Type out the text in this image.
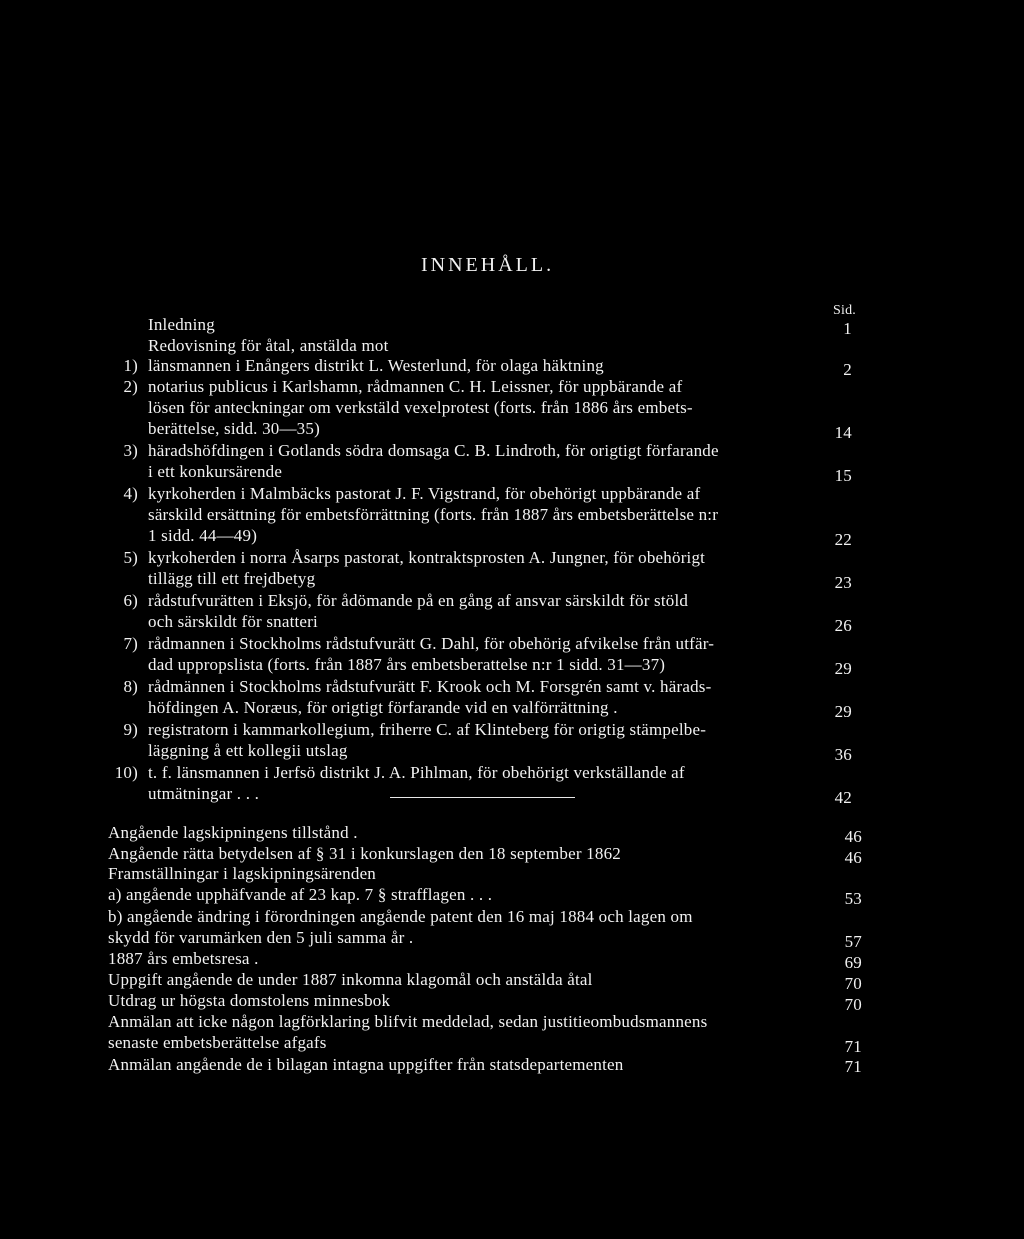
INNEHÅLL.
Sid.
Inledning	1
Redovisning för åtal, anstälda mot
1) länsmannen i Enångers distrikt L. Westerlund, för olaga häktning	2
2) notarius publicus i Karlshamn, rådmannen C. H. Leissner, för uppbärande af
lösen för anteckningar om verkstäld vexelprotest (forts. från 1886 års embets-
berättelse, sidd. 30—35)	14
3) häradshöfdingen i Gotlands södra domsaga C. B. Lindroth, för origtigt förfarande
i ett konkursärende	15
4) kyrkoherden i Malmbäcks pastorat J. F. Vigstrand, för obehörigt uppbärande af
särskild ersättning för embetsförrättning (forts. från 1887 års embetsberättelse n:r
1 sidd. 44—49)	22
5) kyrkoherden i norra Åsarps pastorat, kontraktsprosten A. Jungner, för obehörigt
tillägg till ett frejdbetyg	23
6) rådstufvurätten i Eksjö, för ådömande på en gång af ansvar särskildt för stöld
och särskildt för snatteri	26
7) rådmannen i Stockholms rådstufvurätt G. Dahl, för obehörig afvikelse från utfär-
dad uppropslista (forts. från 1887 års embetsberattelse n:r 1 sidd. 31—37)	29
8) rådmännen i Stockholms rådstufvurätt F. Krook och M. Forsgrén samt v. härads-
höfdingen A. Noræus, för origtigt förfarande vid en valförrättning .	29
9) registratorn i kammarkollegium, friherre C. af Klinteberg för origtig stämpelbe-
läggning å ett kollegii utslag	36
10) t. f. länsmannen i Jerfsö distrikt J. A. Pihlman, för obehörigt verkställande af
utmätningar . . .	42
Angående lagskipningens tillstånd .	46
Angående rätta betydelsen af § 31 i konkurslagen den 18 september 1862	46
Framställningar i lagskipningsärenden
a) angående upphäfvande af 23 kap. 7 § strafflagen . . .	53
b) angående ändring i förordningen angående patent den 16 maj 1884 och lagen om
skydd för varumärken den 5 juli samma år .	57
1887 års embetsresa .	69
Uppgift angående de under 1887 inkomna klagomål och anstälda åtal	70
Utdrag ur högsta domstolens minnesbok	70
Anmälan att icke någon lagförklaring blifvit meddelad, sedan justitieombudsmannens
senaste embetsberättelse afgafs	71
Anmälan angående de i bilagan intagna uppgifter från statsdepartementen	71
